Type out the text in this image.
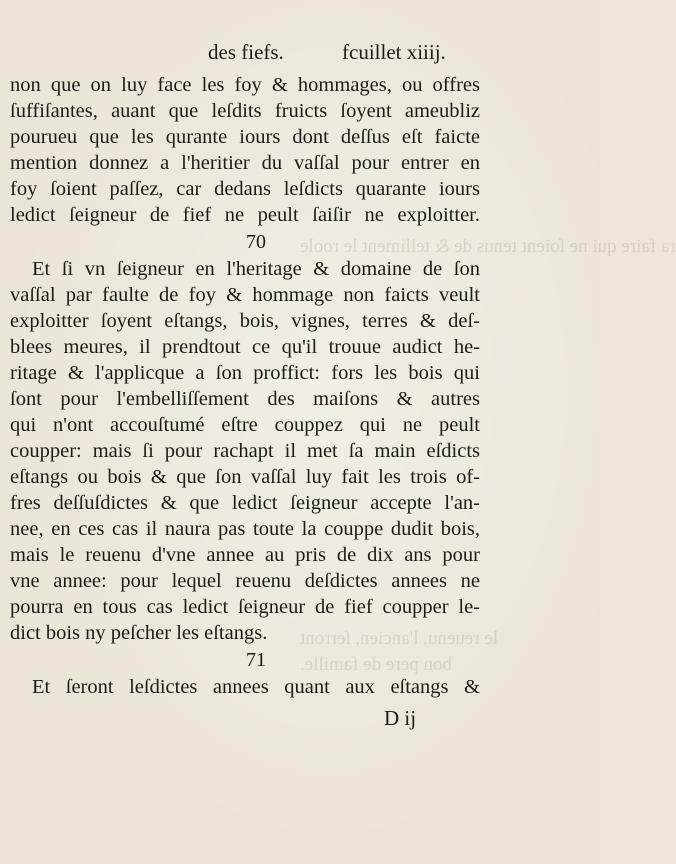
ra faire qui ne ſoient tenus de & telliment le roole
le reuenu, l'ancien, ſerront
bon pere de famille.
des fiefs.	fcuillet xiiij.
non que on luy face les foy & hommages, ou offres
ſuffiſantes, auant que leſdits fruicts ſoyent ameubliz
pourueu que les qurante iours dont deſſus eſt faicte
mention donnez a l'heritier du vaſſal pour entrer en
foy ſoient paſſez, car dedans leſdicts quarante iours
ledict ſeigneur de fief ne peult ſaiſir ne exploitter.
70
Et ſi vn ſeigneur en l'heritage & domaine de ſon
vaſſal par faulte de foy & hommage non faicts veult
exploitter ſoyent eſtangs, bois, vignes, terres & deſ-
blees meures, il prendtout ce qu'il trouue audict he-
ritage & l'applicque a ſon proffict: fors les bois qui
ſont pour l'embelliſſement des maiſons & autres
qui n'ont accouſtumé eſtre couppez qui ne peult
coupper: mais ſi pour rachapt il met ſa main eſdicts
eſtangs ou bois & que ſon vaſſal luy fait les trois of-
fres deſſuſdictes & que ledict ſeigneur accepte l'an-
nee, en ces cas il naura pas toute la couppe dudit bois,
mais le reuenu d'vne annee au pris de dix ans pour
vne annee: pour lequel reuenu deſdictes annees ne
pourra en tous cas ledict ſeigneur de fief coupper le-
dict bois ny peſcher les eſtangs.
71
Et ſeront leſdictes annees quant aux eſtangs &
D ij
